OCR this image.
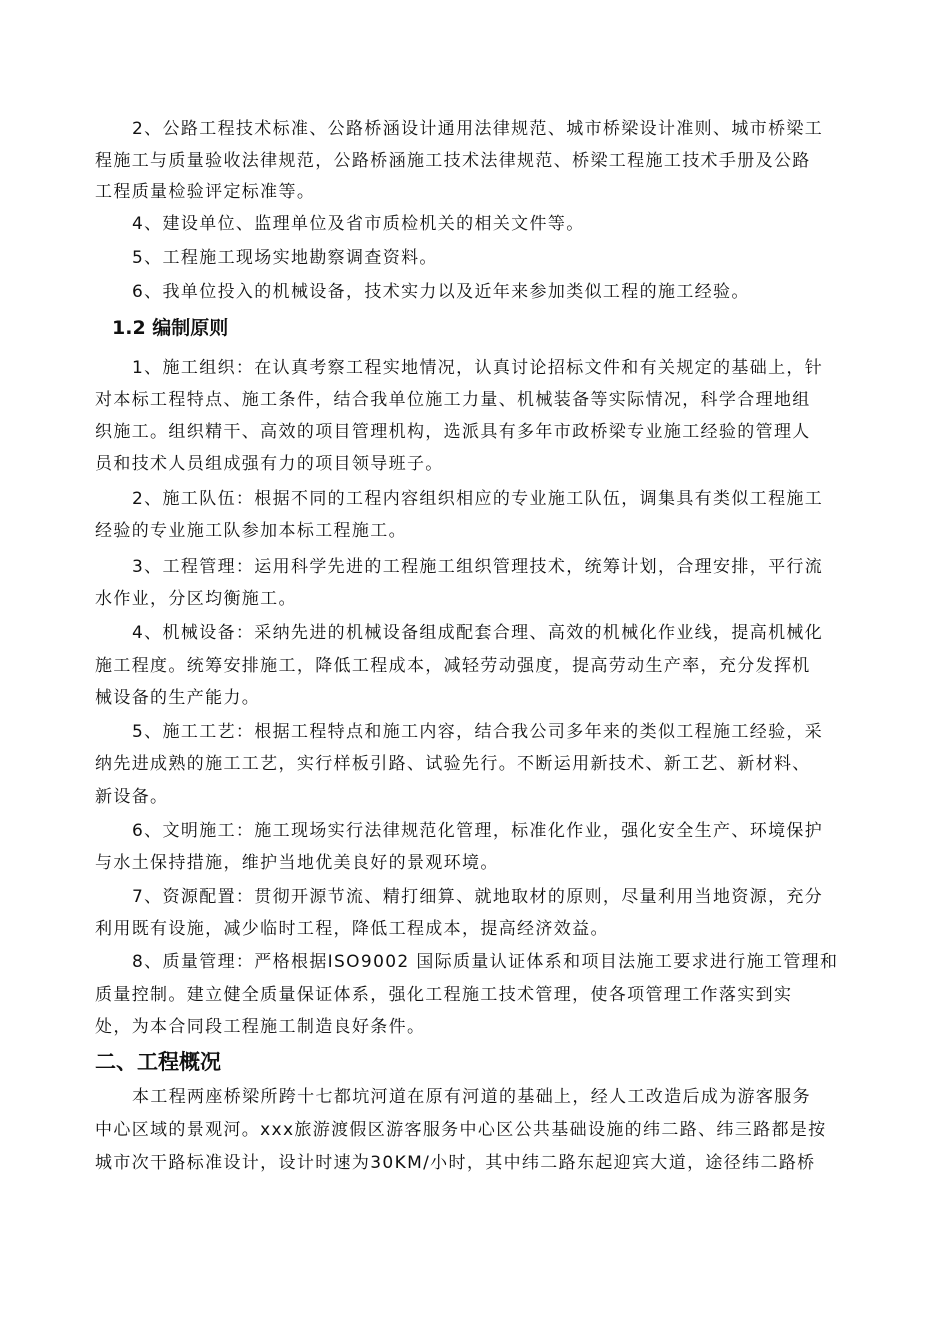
2、公路工程技术标准、公路桥涵设计通用法律规范、城市桥梁设计准则、城市桥梁工
程施工与质量验收法律规范，公路桥涵施工技术法律规范、桥梁工程施工技术手册及公路
工程质量检验评定标准等。
4、建设单位、监理单位及省市质检机关的相关文件等。
5、工程施工现场实地勘察调查资料。
6、我单位投入的机械设备，技术实力以及近年来参加类似工程的施工经验。
1.2 编制原则
1、施工组织：在认真考察工程实地情况，认真讨论招标文件和有关规定的基础上，针
对本标工程特点、施工条件，结合我单位施工力量、机械装备等实际情况，科学合理地组
织施工。组织精干、高效的项目管理机构，选派具有多年市政桥梁专业施工经验的管理人
员和技术人员组成强有力的项目领导班子。
2、施工队伍：根据不同的工程内容组织相应的专业施工队伍，调集具有类似工程施工
经验的专业施工队参加本标工程施工。
3、工程管理：运用科学先进的工程施工组织管理技术，统筹计划，合理安排，平行流
水作业，分区均衡施工。
4、机械设备：采纳先进的机械设备组成配套合理、高效的机械化作业线，提高机械化
施工程度。统筹安排施工，降低工程成本，减轻劳动强度，提高劳动生产率，充分发挥机
械设备的生产能力。
5、施工工艺：根据工程特点和施工内容，结合我公司多年来的类似工程施工经验，采
纳先进成熟的施工工艺，实行样板引路、试验先行。不断运用新技术、新工艺、新材料、
新设备。
6、文明施工：施工现场实行法律规范化管理，标准化作业，强化安全生产、环境保护
与水土保持措施，维护当地优美良好的景观环境。
7、资源配置：贯彻开源节流、精打细算、就地取材的原则，尽量利用当地资源，充分
利用既有设施，减少临时工程，降低工程成本，提高经济效益。
8、质量管理：严格根据ISO9002 国际质量认证体系和项目法施工要求进行施工管理和
质量控制。建立健全质量保证体系，强化工程施工技术管理，使各项管理工作落实到实
处，为本合同段工程施工制造良好条件。
二、工程概况
本工程两座桥梁所跨十七都坑河道在原有河道的基础上，经人工改造后成为游客服务
中心区域的景观河。xxx旅游渡假区游客服务中心区公共基础设施的纬二路、纬三路都是按
城市次干路标准设计，设计时速为30KM/小时，其中纬二路东起迎宾大道，途径纬二路桥
